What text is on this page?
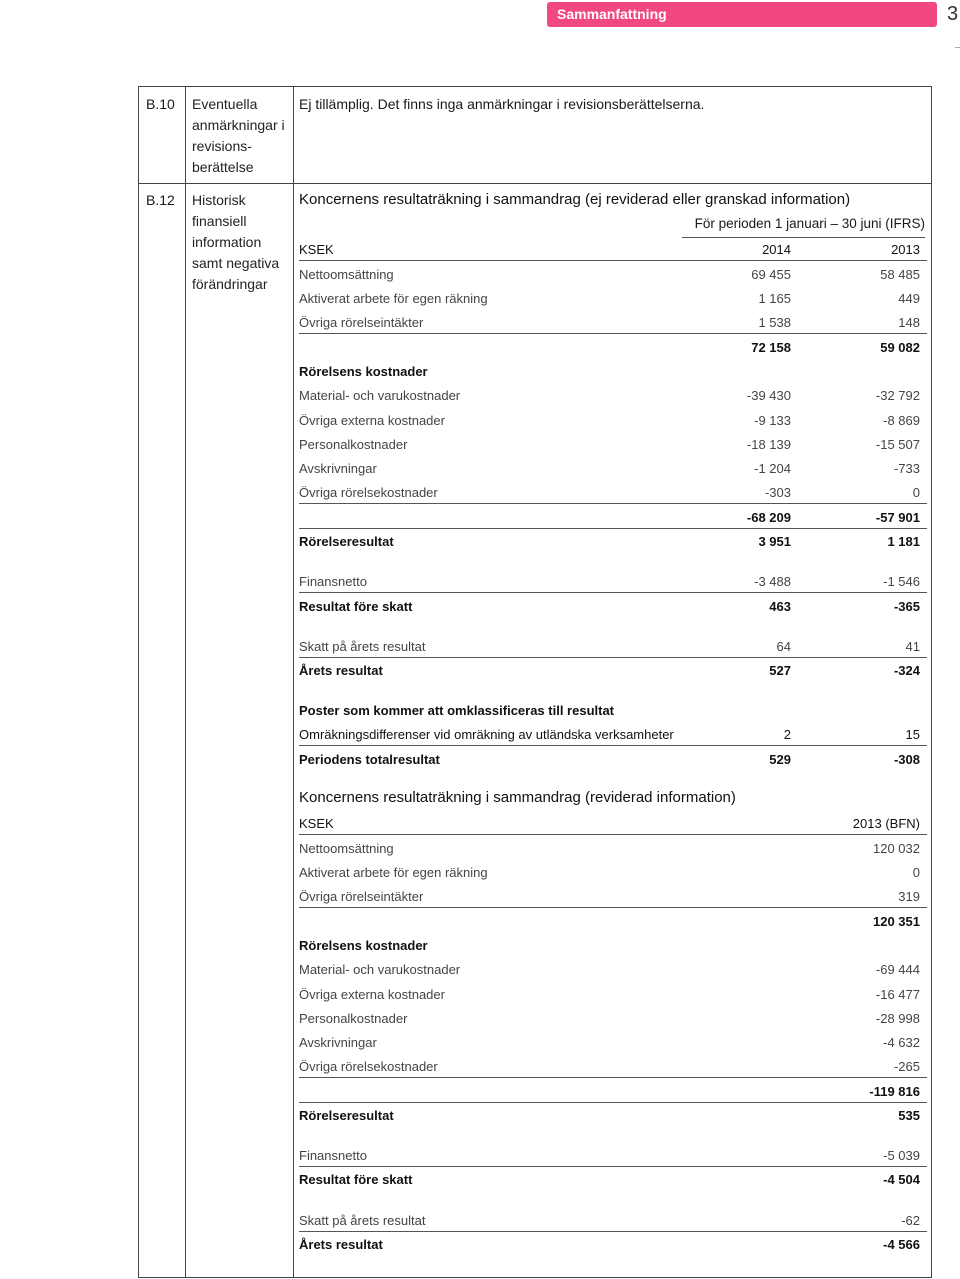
Sammanfattning	3
B.10 Eventuella anmärkningar i revisions-berättelse
Ej tillämplig. Det finns inga anmärkningar i revisionsberättelserna.
B.12 Historisk finansiell information samt negativa förändringar
Koncernens resultaträkning i sammandrag (ej reviderad eller granskad information)
För perioden 1 januari – 30 juni (IFRS)
Koncernens resultaträkning i sammandrag (reviderad information)
KSEK	2014	2013
Nettoomsättning	69 455	58 485
Aktiverat arbete för egen räkning	1 165	449
Övriga rörelseintäkter	1 538	148
72 158	59 082
Rörelsens kostnader
Material- och varukostnader	-39 430	-32 792
Övriga externa kostnader	-9 133	-8 869
Personalkostnader	-18 139	-15 507
Avskrivningar	-1 204	-733
Övriga rörelsekostnader	-303	0
-68 209	-57 901
Rörelseresultat	3 951	1 181
Finansnetto	-3 488	-1 546
Resultat före skatt	463	-365
Skatt på årets resultat	64	41
Årets resultat	527	-324
Poster som kommer att omklassificeras till resultat
Omräkningsdifferenser vid omräkning av utländska verksamheter	2	15
Periodens totalresultat	529	-308
KSEK	2013 (BFN)
Nettoomsättning	120 032
Aktiverat arbete för egen räkning	0
Övriga rörelseintäkter	319
120 351
Rörelsens kostnader
Material- och varukostnader	-69 444
Övriga externa kostnader	-16 477
Personalkostnader	-28 998
Avskrivningar	-4 632
Övriga rörelsekostnader	-265
-119 816
Rörelseresultat	535
Finansnetto	-5 039
Resultat före skatt	-4 504
Skatt på årets resultat	-62
Årets resultat	-4 566
